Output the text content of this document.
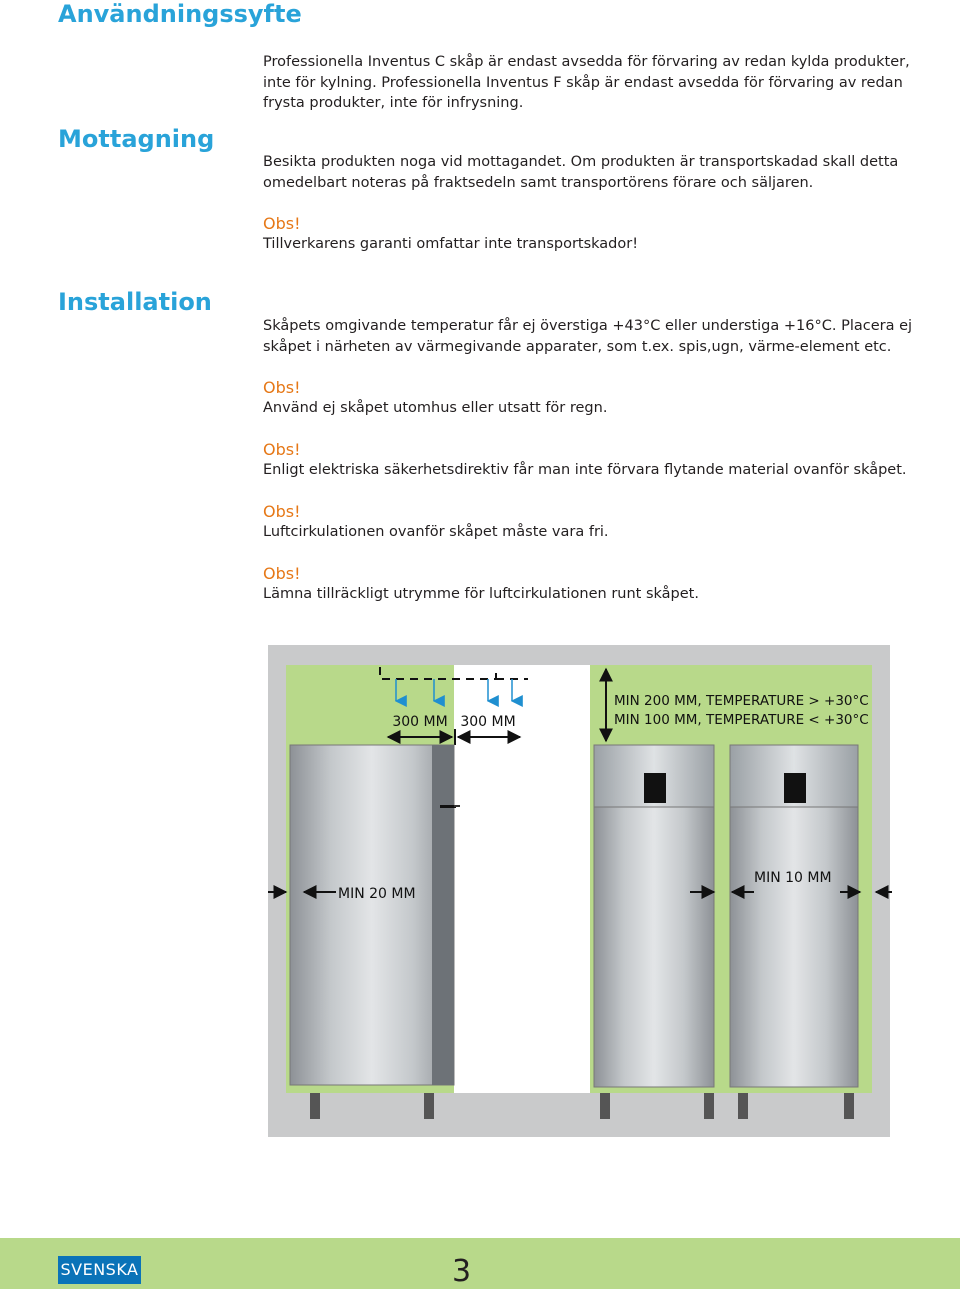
Användningssyfte

Professionella Inventus C skåp är endast avsedda för förvaring av redan kylda produkter, inte för kylning. Professionella Inventus F skåp är endast avsedda för förvaring av redan frysta produkter, inte för infrysning.

Mottagning

Besikta produkten noga vid mottagandet. Om produkten är transportskadad skall detta omedelbart noteras på fraktsedeln samt transportörens förare och säljaren.

Obs!
Tillverkarens garanti omfattar inte transportskador!
Installation

Skåpets omgivande temperatur får ej överstiga +43°C eller understiga +16°C. Placera ej skåpet i närheten av värmegivande apparater, som t.ex. spis,ugn, värme-element etc.

Obs!
Använd ej skåpet utomhus eller utsatt för regn.
Obs!
Enligt elektriska säkerhetsdirektiv får man inte förvara flytande material ovanför skåpet.
Obs!
Luftcirkulationen ovanför skåpet måste vara fri.
Obs!
Lämna tillräckligt utrymme för luftcirkulationen runt skåpet.
300 MM 300 MM
MIN 200 MM, TEMPERATURE > +30°C
MIN 100 MM, TEMPERATURE < +30°C
MIN 20 MM
MIN 10 MM
SVENSKA	3
